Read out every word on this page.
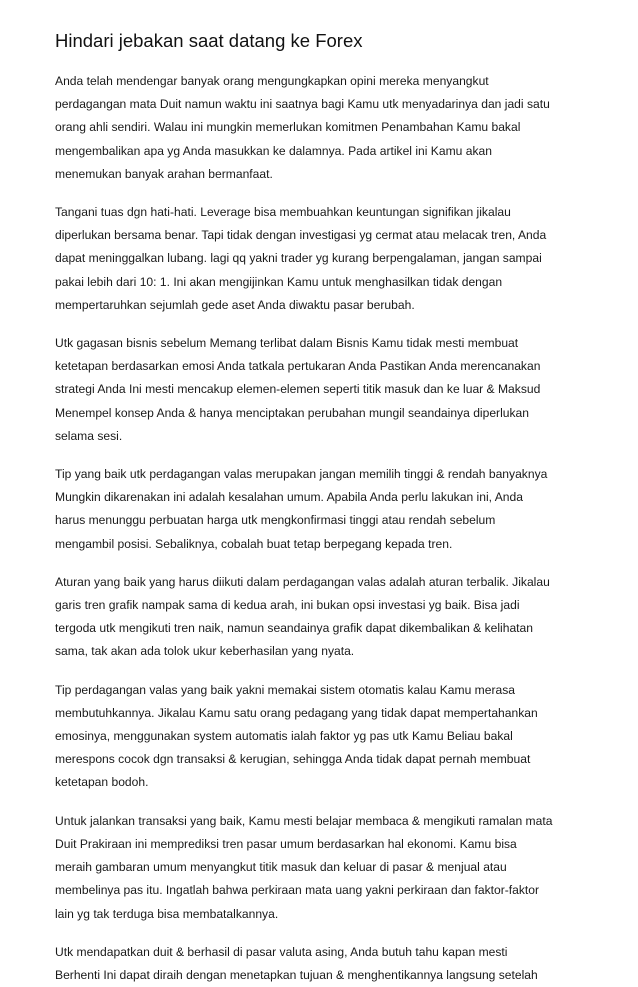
Hindari jebakan saat datang ke Forex

Anda telah mendengar banyak orang mengungkapkan opini mereka menyangkut
perdagangan mata Duit namun waktu ini saatnya bagi Kamu utk menyadarinya dan jadi satu
orang ahli sendiri. Walau ini mungkin memerlukan komitmen Penambahan Kamu bakal
mengembalikan apa yg Anda masukkan ke dalamnya. Pada artikel ini Kamu akan
menemukan banyak arahan bermanfaat.

Tangani tuas dgn hati-hati. Leverage bisa membuahkan keuntungan signifikan jikalau
diperlukan bersama benar. Tapi tidak dengan investigasi yg cermat atau melacak tren, Anda
dapat meninggalkan lubang. lagi qq yakni trader yg kurang berpengalaman, jangan sampai
pakai lebih dari 10: 1. Ini akan mengijinkan Kamu untuk menghasilkan tidak dengan
mempertaruhkan sejumlah gede aset Anda diwaktu pasar berubah.

Utk gagasan bisnis sebelum Memang terlibat dalam Bisnis Kamu tidak mesti membuat
ketetapan berdasarkan emosi Anda tatkala pertukaran Anda Pastikan Anda merencanakan
strategi Anda Ini mesti mencakup elemen-elemen seperti titik masuk dan ke luar & Maksud
Menempel konsep Anda & hanya menciptakan perubahan mungil seandainya diperlukan
selama sesi.

Tip yang baik utk perdagangan valas merupakan jangan memilih tinggi & rendah banyaknya
Mungkin dikarenakan ini adalah kesalahan umum. Apabila Anda perlu lakukan ini, Anda
harus menunggu perbuatan harga utk mengkonfirmasi tinggi atau rendah sebelum
mengambil posisi. Sebaliknya, cobalah buat tetap berpegang kepada tren.

Aturan yang baik yang harus diikuti dalam perdagangan valas adalah aturan terbalik. Jikalau
garis tren grafik nampak sama di kedua arah, ini bukan opsi investasi yg baik. Bisa jadi
tergoda utk mengikuti tren naik, namun seandainya grafik dapat dikembalikan & kelihatan
sama, tak akan ada tolok ukur keberhasilan yang nyata.

Tip perdagangan valas yang baik yakni memakai sistem otomatis kalau Kamu merasa
membutuhkannya. Jikalau Kamu satu orang pedagang yang tidak dapat mempertahankan
emosinya, menggunakan system automatis ialah faktor yg pas utk Kamu Beliau bakal
merespons cocok dgn transaksi & kerugian, sehingga Anda tidak dapat pernah membuat
ketetapan bodoh.

Untuk jalankan transaksi yang baik, Kamu mesti belajar membaca & mengikuti ramalan mata
Duit Prakiraan ini memprediksi tren pasar umum berdasarkan hal ekonomi. Kamu bisa
meraih gambaran umum menyangkut titik masuk dan keluar di pasar & menjual atau
membelinya pas itu. Ingatlah bahwa perkiraan mata uang yakni perkiraan dan faktor-faktor
lain yg tak terduga bisa membatalkannya.

Utk mendapatkan duit & berhasil di pasar valuta asing, Anda butuh tahu kapan mesti
Berhenti Ini dapat diraih dengan menetapkan tujuan & menghentikannya langsung setelah
